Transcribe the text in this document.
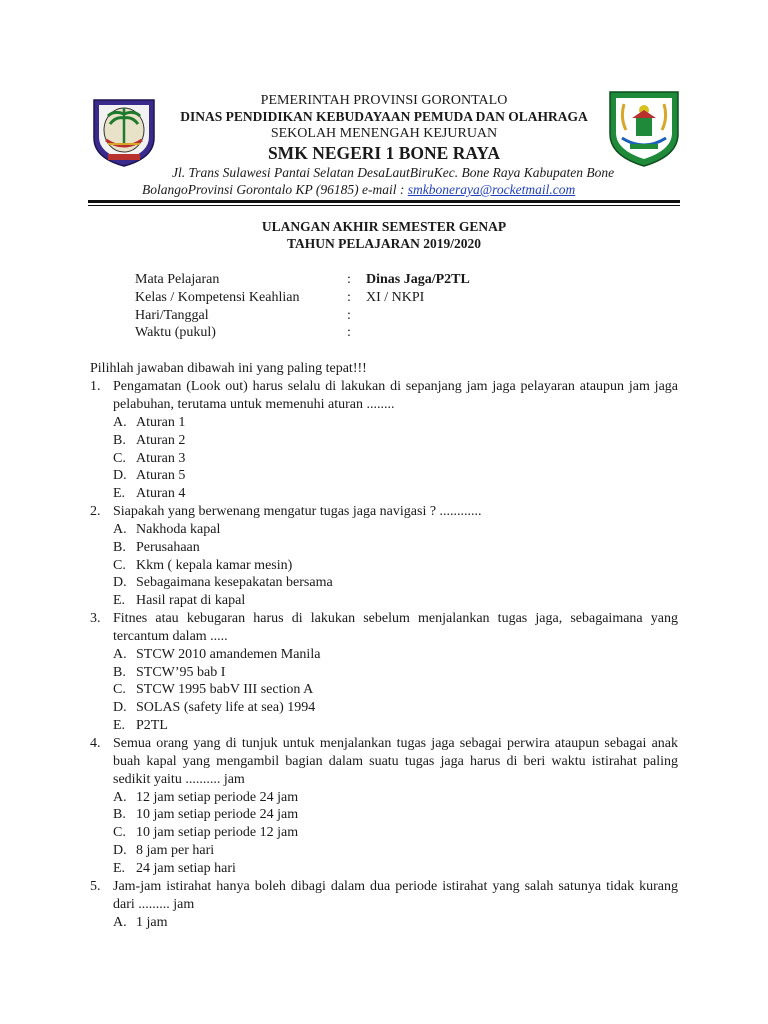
PEMERINTAH PROVINSI GORONTALO
DINAS PENDIDIKAN KEBUDAYAAN PEMUDA DAN OLAHRAGA
SEKOLAH MENENGAH KEJURUAN
SMK NEGERI 1 BONE RAYA
Jl. Trans Sulawesi Pantai Selatan DesaLautBiruKec. Bone Raya Kabupaten Bone
BolangoProvinsi Gorontalo KP (96185) e-mail : smkboneraya@rocketmail.com
ULANGAN AKHIR SEMESTER GENAP
TAHUN PELAJARAN 2019/2020
Mata Pelajaran	: Dinas Jaga/P2TL
Kelas / Kompetensi Keahlian	: XI / NKPI
Hari/Tanggal	:
Waktu (pukul)	:
Pilihlah jawaban dibawah ini yang paling tepat!!!
1. Pengamatan (Look out) harus selalu di lakukan di sepanjang jam jaga pelayaran ataupun jam jaga pelabuhan, terutama untuk memenuhi aturan ........
A. Aturan 1
B. Aturan 2
C. Aturan 3
D. Aturan 5
E. Aturan 4
2. Siapakah yang berwenang mengatur tugas jaga navigasi ? ............
A. Nakhoda kapal
B. Perusahaan
C. Kkm ( kepala kamar mesin)
D. Sebagaimana kesepakatan bersama
E. Hasil rapat di kapal
3. Fitnes atau kebugaran harus di lakukan sebelum menjalankan tugas jaga, sebagaimana yang tercantum dalam .....
A. STCW 2010 amandemen Manila
B. STCW’95 bab I
C. STCW 1995 babV III section A
D. SOLAS (safety life at sea) 1994
E. P2TL
4. Semua orang yang di tunjuk untuk menjalankan tugas jaga sebagai perwira ataupun sebagai anak buah kapal yang mengambil bagian dalam suatu tugas jaga harus di beri waktu istirahat paling sedikit yaitu .......... jam
A. 12 jam setiap periode 24 jam
B. 10 jam setiap periode 24 jam
C. 10 jam setiap periode 12 jam
D. 8 jam per hari
E. 24 jam setiap hari
5. Jam-jam istirahat hanya boleh dibagi dalam dua periode istirahat yang salah satunya tidak kurang dari ......... jam
A. 1 jam
